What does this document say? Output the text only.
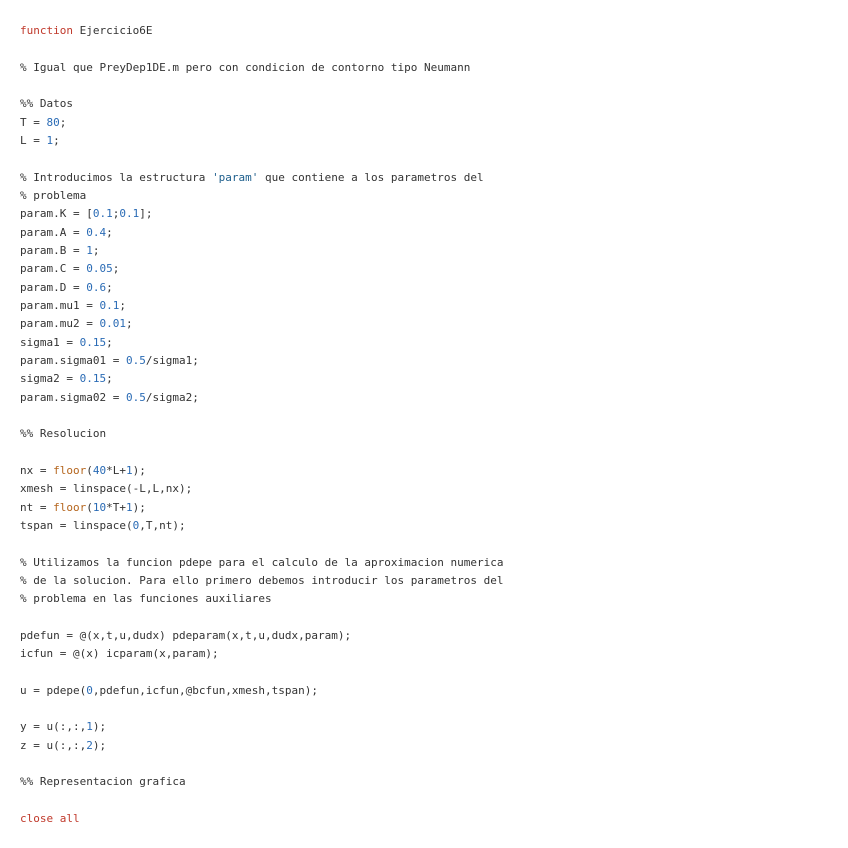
function Ejercicio6E
% Igual que PreyDep1DE.m pero con condicion de contorno tipo Neumann
%% Datos
T = 80;
L = 1;
% Introducimos la estructura 'param' que contiene a los parametros del
% problema
param.K = [0.1;0.1];
param.A = 0.4;
param.B = 1;
param.C = 0.05;
param.D = 0.6;
param.mu1 = 0.1;
param.mu2 = 0.01;
sigma1 = 0.15;
param.sigma01 = 0.5/sigma1;
sigma2 = 0.15;
param.sigma02 = 0.5/sigma2;
%% Resolucion
nx = floor(40*L+1);
xmesh = linspace(-L,L,nx);
nt = floor(10*T+1);
tspan = linspace(0,T,nt);
% Utilizamos la funcion pdepe para el calculo de la aproximacion numerica
% de la solucion. Para ello primero debemos introducir los parametros del
% problema en las funciones auxiliares
pdefun = @(x,t,u,dudx) pdeparam(x,t,u,dudx,param);
icfun = @(x) icparam(x,param);
u = pdepe(0,pdefun,icfun,@bcfun,xmesh,tspan);
y = u(:,:,1);
z = u(:,:,2);
%% Representacion grafica
close all
